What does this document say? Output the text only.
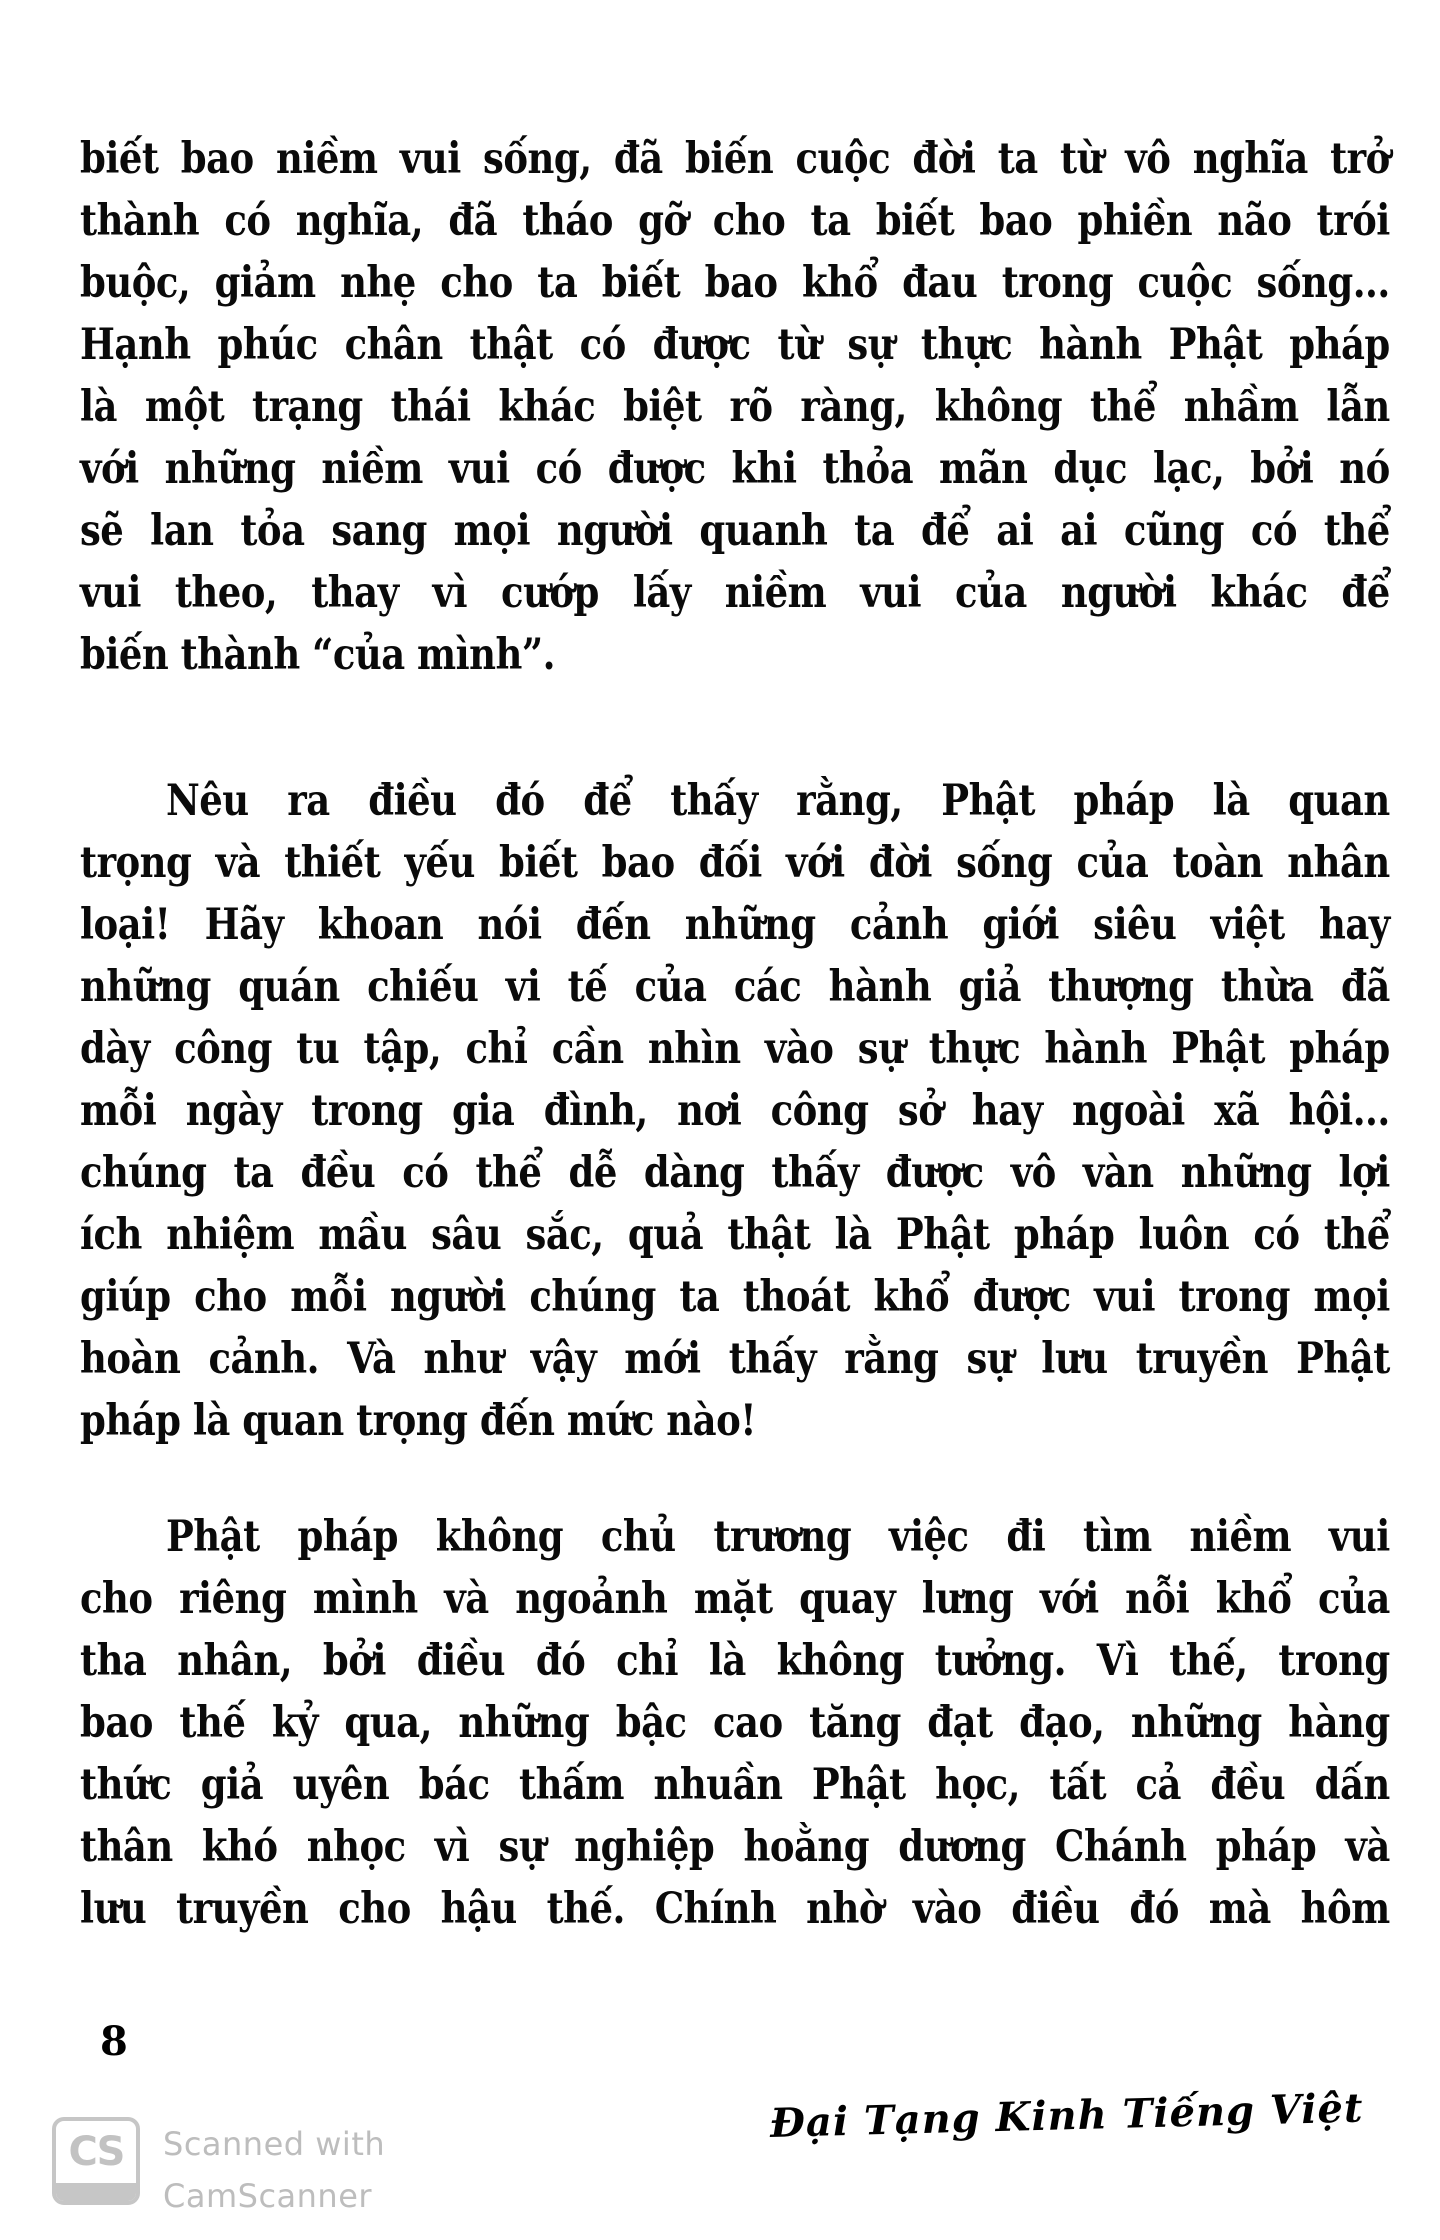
biết bao niềm vui sống, đã biến cuộc đời ta từ vô nghĩa trở
thành có nghĩa, đã tháo gỡ cho ta biết bao phiền não trói
buộc, giảm nhẹ cho ta biết bao khổ đau trong cuộc sống...
Hạnh phúc chân thật có được từ sự thực hành Phật pháp
là một trạng thái khác biệt rõ ràng, không thể nhầm lẫn
với những niềm vui có được khi thỏa mãn dục lạc, bởi nó
sẽ lan tỏa sang mọi người quanh ta để ai ai cũng có thể
vui theo, thay vì cướp lấy niềm vui của người khác để
biến thành “của mình”.
Nêu ra điều đó để thấy rằng, Phật pháp là quan
trọng và thiết yếu biết bao đối với đời sống của toàn nhân
loại! Hãy khoan nói đến những cảnh giới siêu việt hay
những quán chiếu vi tế của các hành giả thượng thừa đã
dày công tu tập, chỉ cần nhìn vào sự thực hành Phật pháp
mỗi ngày trong gia đình, nơi công sở hay ngoài xã hội...
chúng ta đều có thể dễ dàng thấy được vô vàn những lợi
ích nhiệm mầu sâu sắc, quả thật là Phật pháp luôn có thể
giúp cho mỗi người chúng ta thoát khổ được vui trong mọi
hoàn cảnh. Và như vậy mới thấy rằng sự lưu truyền Phật
pháp là quan trọng đến mức nào!
Phật pháp không chủ trương việc đi tìm niềm vui
cho riêng mình và ngoảnh mặt quay lưng với nỗi khổ của
tha nhân, bởi điều đó chỉ là không tưởng. Vì thế, trong
bao thế kỷ qua, những bậc cao tăng đạt đạo, những hàng
thức giả uyên bác thấm nhuần Phật học, tất cả đều dấn
thân khó nhọc vì sự nghiệp hoằng dương Chánh pháp và
lưu truyền cho hậu thế. Chính nhờ vào điều đó mà hôm
8
CS	Scanned with
CamScanner
Đại Tạng Kinh Tiếng Việt
